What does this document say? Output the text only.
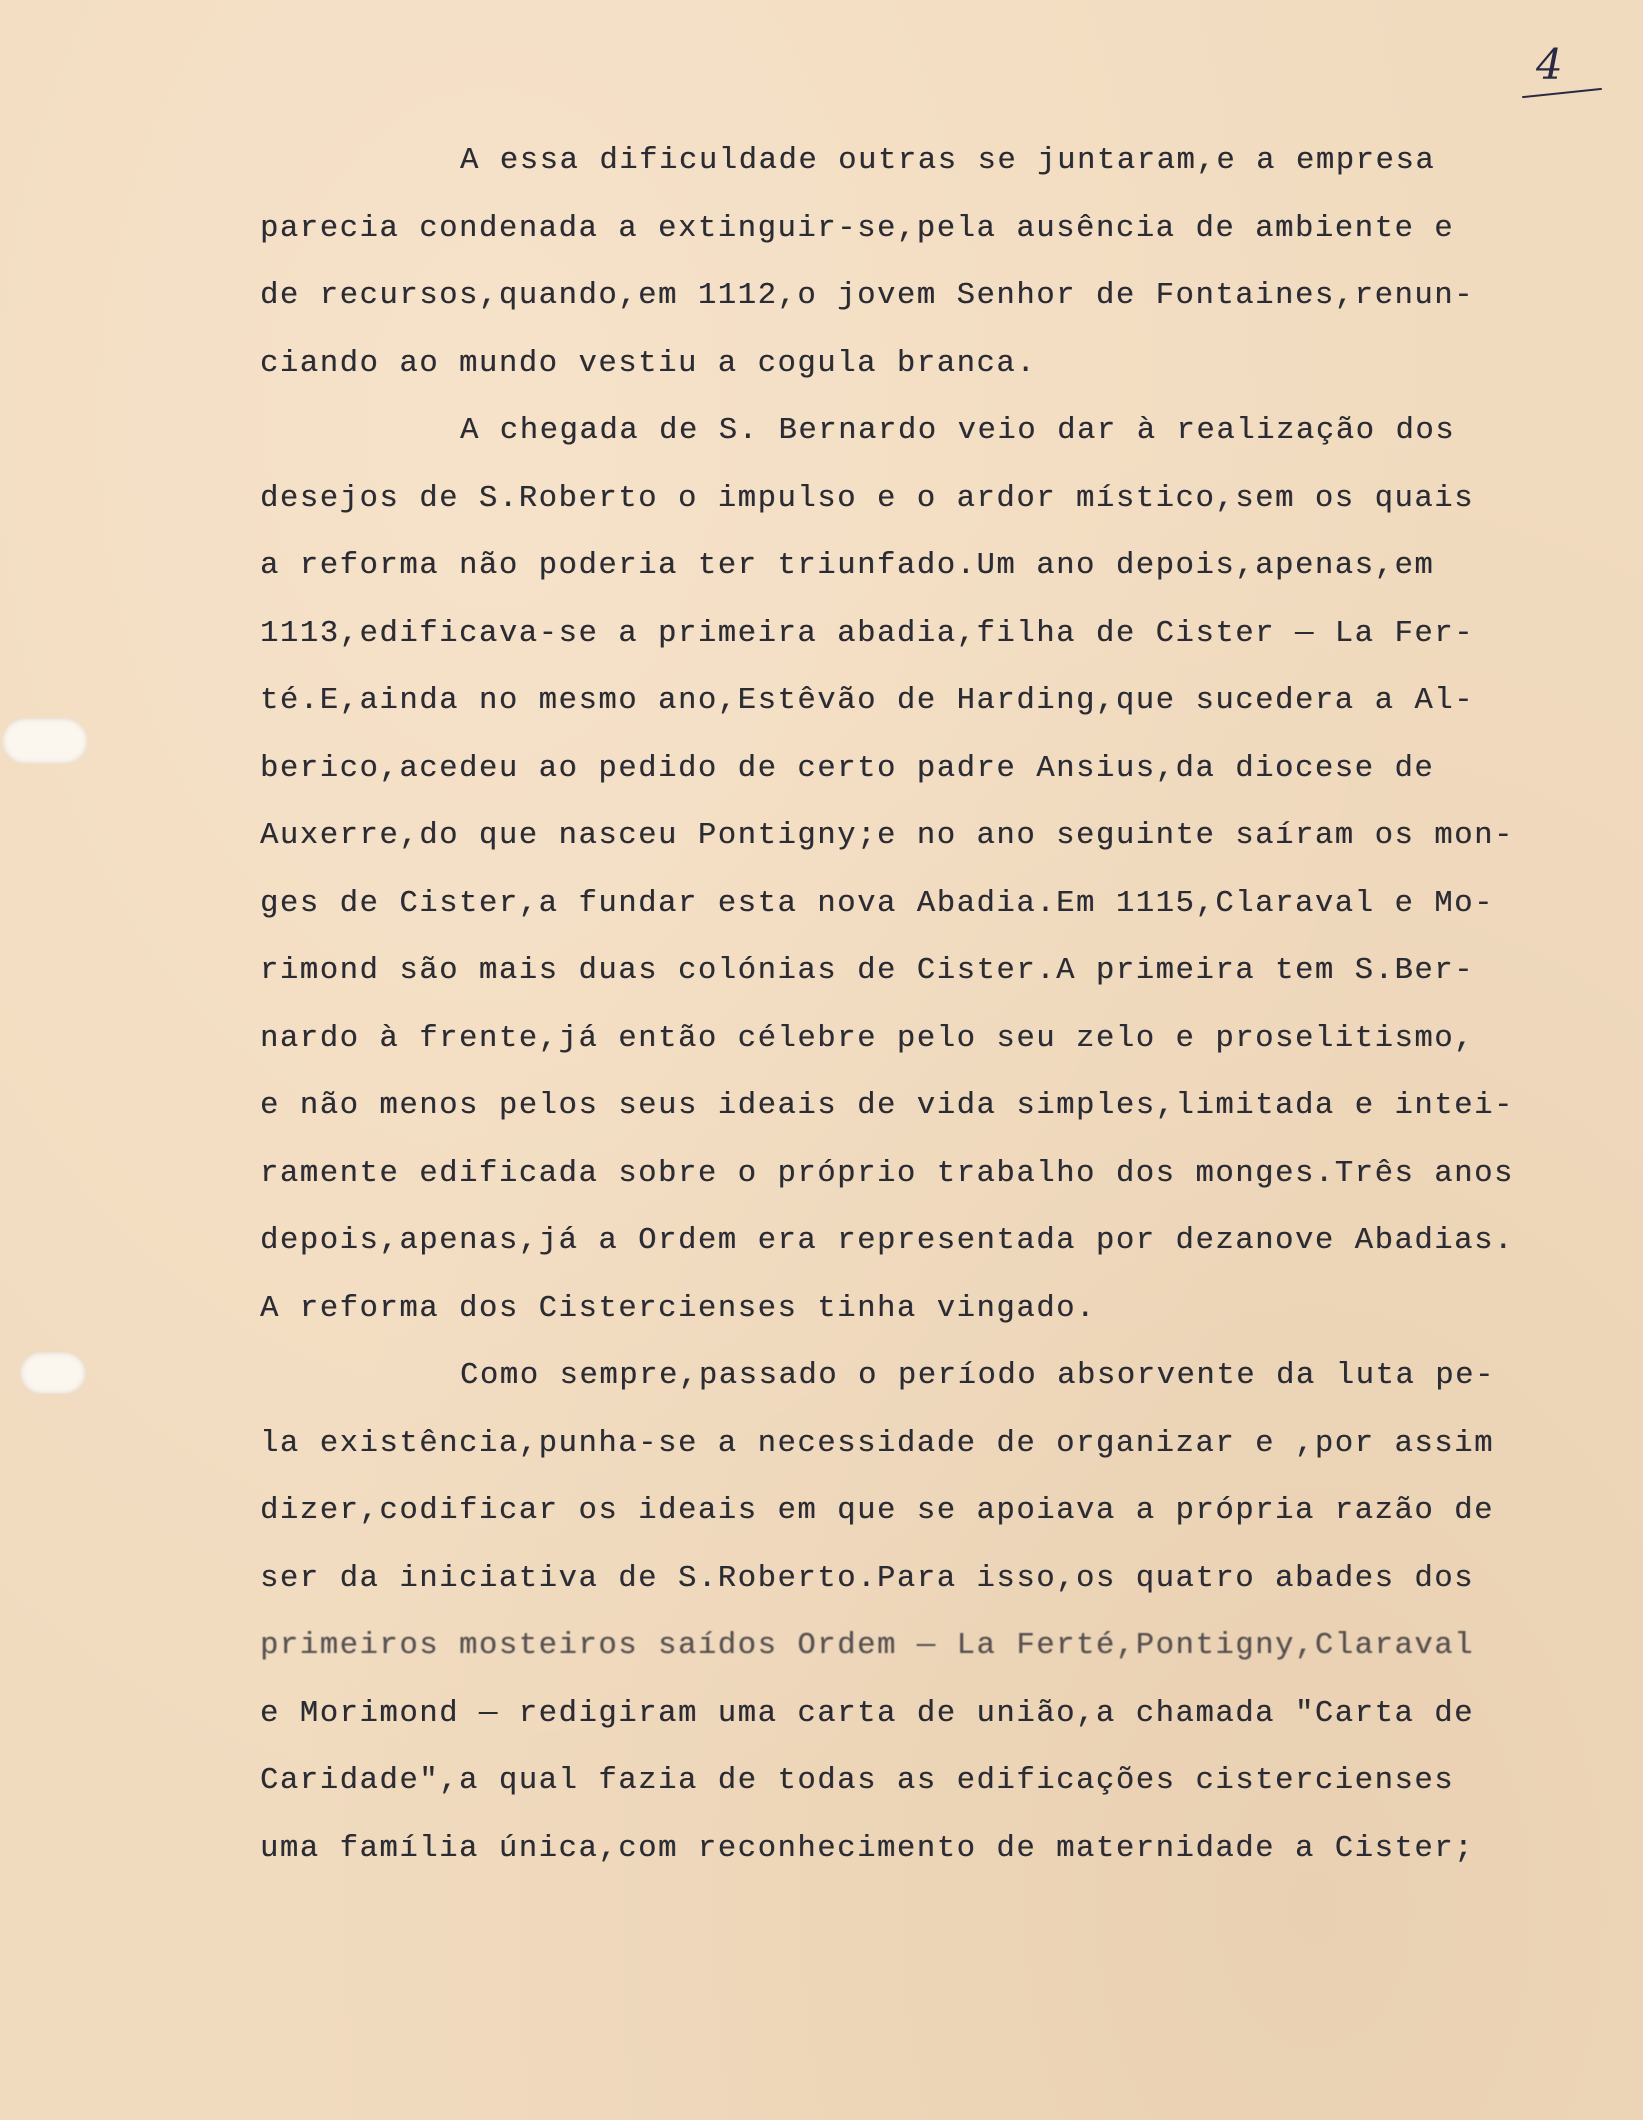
4
A essa dificuldade outras se juntaram,e a empresa
parecia condenada a extinguir-se,pela ausência de ambiente e
de recursos,quando,em 1112,o jovem Senhor de Fontaines,renun-
ciando ao mundo vestiu a cogula branca.
A chegada de S. Bernardo veio dar à realização dos
desejos de S.Roberto o impulso e o ardor místico,sem os quais
a reforma não poderia ter triunfado.Um ano depois,apenas,em
1113,edificava-se a primeira abadia,filha de Cister — La Fer-
té.E,ainda no mesmo ano,Estêvão de Harding,que sucedera a Al-
berico,acedeu ao pedido de certo padre Ansius,da diocese de
Auxerre,do que nasceu Pontigny;e no ano seguinte saíram os mon-
ges de Cister,a fundar esta nova Abadia.Em 1115,Claraval e Mo-
rimond são mais duas colónias de Cister.A primeira tem S.Ber-
nardo à frente,já então célebre pelo seu zelo e proselitismo,
e não menos pelos seus ideais de vida simples,limitada e intei-
ramente edificada sobre o próprio trabalho dos monges.Três anos
depois,apenas,já a Ordem era representada por dezanove Abadias.
A reforma dos Cistercienses tinha vingado.
Como sempre,passado o período absorvente da luta pe-
la existência,punha-se a necessidade de organizar e ,por assim
dizer,codificar os ideais em que se apoiava a própria razão de
ser da iniciativa de S.Roberto.Para isso,os quatro abades dos
primeiros mosteiros saídos Ordem — La Ferté,Pontigny,Claraval
e Morimond — redigiram uma carta de união,a chamada "Carta de
Caridade",a qual fazia de todas as edificações cistercienses
uma família única,com reconhecimento de maternidade a Cister;
